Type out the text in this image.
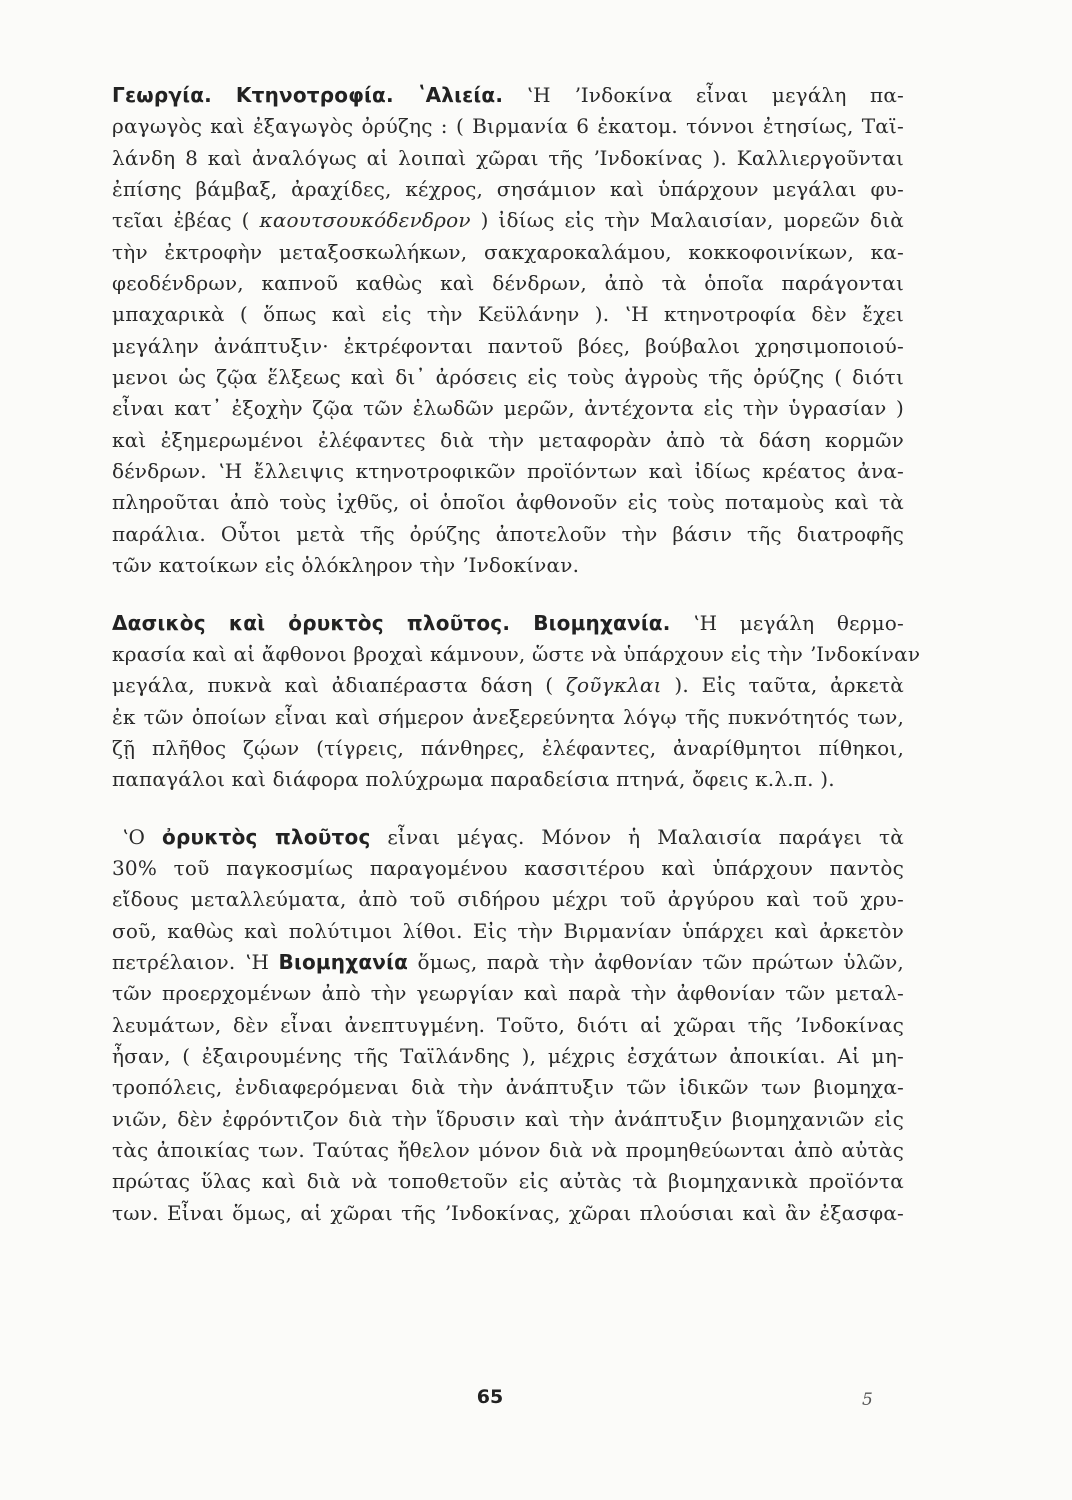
Γεωργία. Κτηνοτροφία. ʽΑλιεία. ʽΗ ʼΙνδοκίνα εἶναι μεγάλη πα-
ραγωγὸς καὶ ἐξαγωγὸς ὀρύζης : ( Βιρμανία 6 ἑκατομ. τόννοι ἐτησίως, Ταϊ-
λάνδη 8 καὶ ἀναλόγως αἱ λοιπαὶ χῶραι τῆς ʼΙνδοκίνας ). Καλλιεργοῦνται
ἐπίσης βάμβαξ, ἀραχίδες, κέχρος, σησάμιον καὶ ὑπάρχουν μεγάλαι φυ-
τεῖαι ἐβέας ( καουτσουκόδενδρον ) ἰδίως εἰς τὴν Μαλαισίαν, μορεῶν διὰ
τὴν ἐκτροφὴν μεταξοσκωλήκων, σακχαροκαλάμου, κοκκοφοινίκων, κα-
φεοδένδρων, καπνοῦ καθὼς καὶ δένδρων, ἀπὸ τὰ ὁποῖα παράγονται
μπαχαρικὰ ( ὅπως καὶ εἰς τὴν Κεϋλάνην ). ʽΗ κτηνοτροφία δὲν ἔχει
μεγάλην ἀνάπτυξιν· ἐκτρέφονται παντοῦ βόες, βούβαλοι χρησιμοποιού-
μενοι ὡς ζῷα ἕλξεως καὶ δι᾽ ἀρόσεις εἰς τοὺς ἀγροὺς τῆς ὀρύζης ( διότι
εἶναι κατ᾽ ἐξοχὴν ζῷα τῶν ἑλωδῶν μερῶν, ἀντέχοντα εἰς τὴν ὑγρασίαν )
καὶ ἐξημερωμένοι ἐλέφαντες διὰ τὴν μεταφορὰν ἀπὸ τὰ δάση κορμῶν
δένδρων. ʽΗ ἔλλειψις κτηνοτροφικῶν προϊόντων καὶ ἰδίως κρέατος ἀνα-
πληροῦται ἀπὸ τοὺς ἰχθῦς, οἱ ὁποῖοι ἀφθονοῦν εἰς τοὺς ποταμοὺς καὶ τὰ
παράλια. Οὗτοι μετὰ τῆς ὀρύζης ἀποτελοῦν τὴν βάσιν τῆς διατροφῆς
τῶν κατοίκων εἰς ὁλόκληρον τὴν ʼΙνδοκίναν.
Δασικὸς καὶ ὀρυκτὸς πλοῦτος. Βιομηχανία. ʽΗ μεγάλη θερμο-
κρασία καὶ αἱ ἄφθονοι βροχαὶ κάμνουν, ὥστε νὰ ὑπάρχουν εἰς τὴν ʼΙνδοκίναν
μεγάλα, πυκνὰ καὶ ἀδιαπέραστα δάση ( ζοῦγκλαι ). Εἰς ταῦτα, ἀρκετὰ
ἐκ τῶν ὁποίων εἶναι καὶ σήμερον ἀνεξερεύνητα λόγῳ τῆς πυκνότητός των,
ζῇ πλῆθος ζῴων (τίγρεις, πάνθηρες, ἐλέφαντες, ἀναρίθμητοι πίθηκοι,
παπαγάλοι καὶ διάφορα πολύχρωμα παραδείσια πτηνά, ὄφεις κ.λ.π. ).
ʽΟ ὀρυκτὸς πλοῦτος εἶναι μέγας. Μόνον ἡ Μαλαισία παράγει τὰ
30% τοῦ παγκοσμίως παραγομένου κασσιτέρου καὶ ὑπάρχουν παντὸς
εἴδους μεταλλεύματα, ἀπὸ τοῦ σιδήρου μέχρι τοῦ ἀργύρου καὶ τοῦ χρυ-
σοῦ, καθὼς καὶ πολύτιμοι λίθοι. Εἰς τὴν Βιρμανίαν ὑπάρχει καὶ ἀρκετὸν
πετρέλαιον. ʽΗ Βιομηχανία ὅμως, παρὰ τὴν ἀφθονίαν τῶν πρώτων ὑλῶν,
τῶν προερχομένων ἀπὸ τὴν γεωργίαν καὶ παρὰ τὴν ἀφθονίαν τῶν μεταλ-
λευμάτων, δὲν εἶναι ἀνεπτυγμένη. Τοῦτο, διότι αἱ χῶραι τῆς ʼΙνδοκίνας
ἦσαν, ( ἐξαιρουμένης τῆς Ταϊλάνδης ), μέχρις ἐσχάτων ἀποικίαι. Αἱ μη-
τροπόλεις, ἐνδιαφερόμεναι διὰ τὴν ἀνάπτυξιν τῶν ἰδικῶν των βιομηχα-
νιῶν, δὲν ἐφρόντιζον διὰ τὴν ἵδρυσιν καὶ τὴν ἀνάπτυξιν βιομηχανιῶν εἰς
τὰς ἀποικίας των. Ταύτας ἤθελον μόνον διὰ νὰ προμηθεύωνται ἀπὸ αὐτὰς
πρώτας ὕλας καὶ διὰ νὰ τοποθετοῦν εἰς αὐτὰς τὰ βιομηχανικὰ προϊόντα
των. Εἶναι ὅμως, αἱ χῶραι τῆς ʼΙνδοκίνας, χῶραι πλούσιαι καὶ ἂν ἐξασφα-
65	5
